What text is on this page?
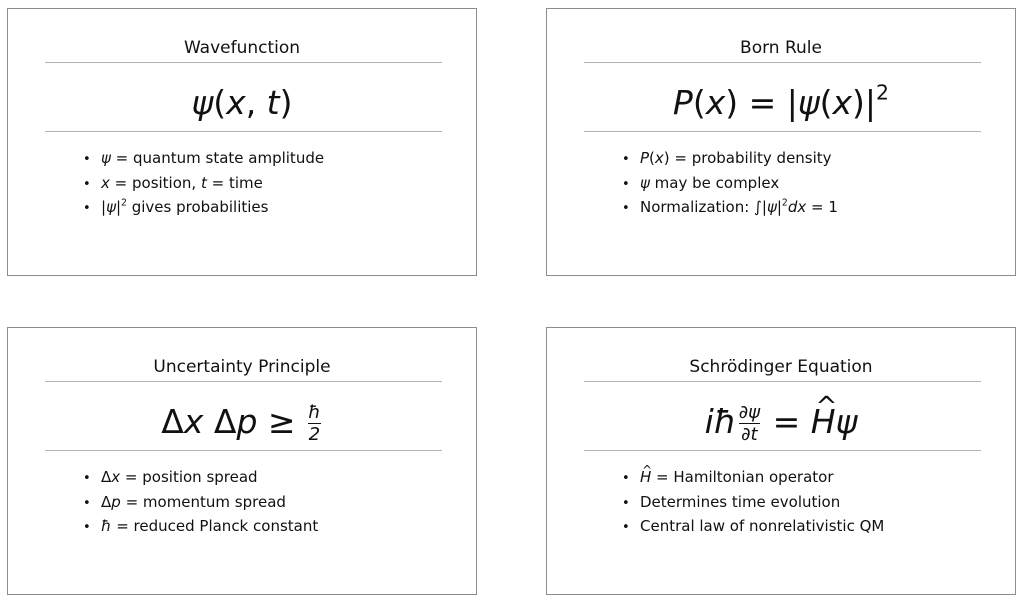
Wavefunction
ψ(x, t)
• ψ = quantum state amplitude
• x = position, t = time
• $|\psi|^2$ gives probabilities
Born Rule
$P(x) = |\psi(x)|^2$
• P(x) = probability density
• ψ may be complex
• Normalization: $\int|\psi|^2dx = 1$
Uncertainty Principle
Δx $\Delta p \ge \frac{ħ}{2}$
• Δx = position spread
• Δp = momentum spread
• ħ = reduced Planck constant
Schrödinger Equation
iħ $\frac{\partial\psi}{\partial t}$ = ^ Hψ
• ^ H = Hamiltonian operator
• Determines time evolution
• Central law of nonrelativistic QM
